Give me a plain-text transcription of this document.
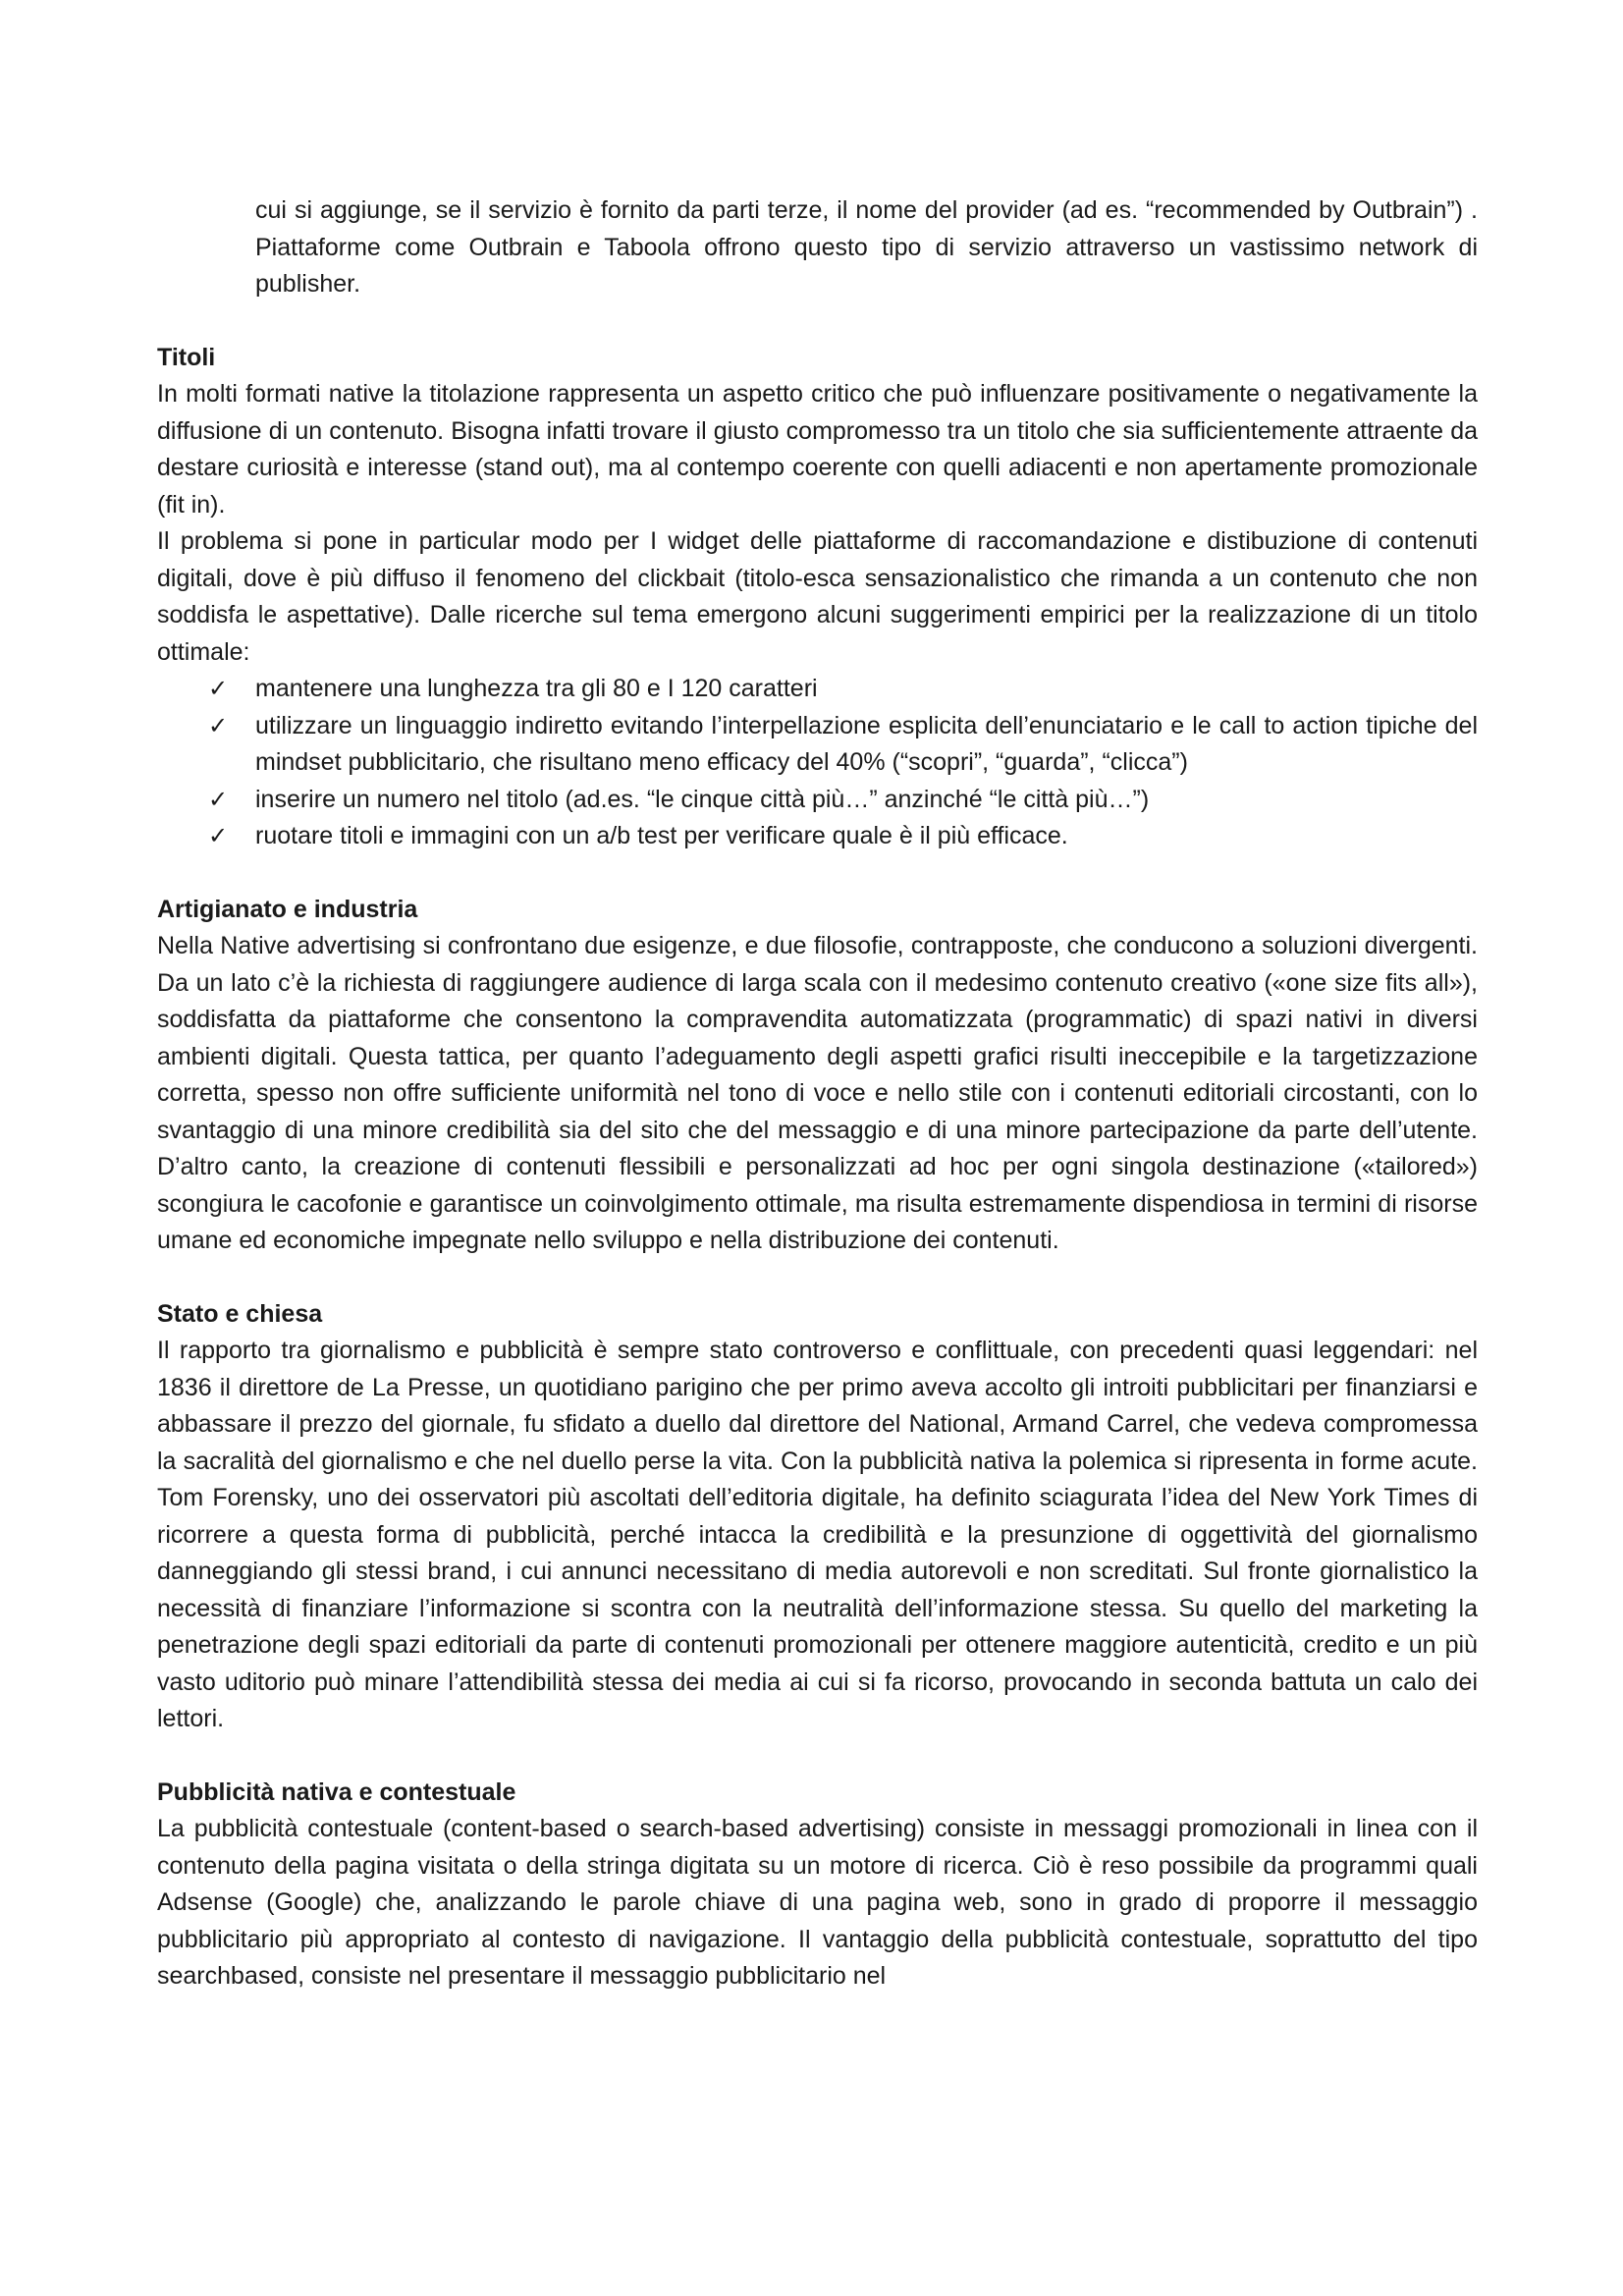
cui si aggiunge, se il servizio è fornito da parti terze, il nome del provider (ad es. “recommended by Outbrain”) . Piattaforme come Outbrain e Taboola offrono questo tipo di servizio attraverso un vastissimo network di publisher.

Titoli

In molti formati native la titolazione rappresenta un aspetto critico che può influenzare positivamente o negativamente la diffusione di un contenuto. Bisogna infatti trovare il giusto compromesso tra un titolo che sia sufficientemente attraente da destare curiosità e interesse (stand out), ma al contempo coerente con quelli adiacenti e non apertamente promozionale (fit in).

Il problema si pone in particular modo per I widget delle piattaforme di raccomandazione e distibuzione di contenuti digitali, dove è più diffuso il fenomeno del clickbait (titolo-esca sensazionalistico che rimanda a un contenuto che non soddisfa le aspettative). Dalle ricerche sul tema emergono alcuni suggerimenti empirici per la realizzazione di un titolo ottimale:

✓ mantenere una lunghezza tra gli 80 e I 120 caratteri
✓ utilizzare un linguaggio indiretto evitando l’interpellazione esplicita dell’enunciatario e le call to action tipiche del mindset pubblicitario, che risultano meno efficacy del 40% (“scopri”, “guarda”, “clicca”)
✓ inserire un numero nel titolo (ad.es. “le cinque città più…” anzinché “le città più…”)
✓ ruotare titoli e immagini con un a/b test per verificare quale è il più efficace.

Artigianato e industria

Nella Native advertising si confrontano due esigenze, e due filosofie, contrapposte, che conducono a soluzioni divergenti. Da un lato c’è la richiesta di raggiungere audience di larga scala con il medesimo contenuto creativo («one size fits all»), soddisfatta da piattaforme che consentono la compravendita automatizzata (programmatic) di spazi nativi in diversi ambienti digitali. Questa tattica, per quanto l’adeguamento degli aspetti grafici risulti ineccepibile e la targetizzazione corretta, spesso non offre sufficiente uniformità nel tono di voce e nello stile con i contenuti editoriali circostanti, con lo svantaggio di una minore credibilità sia del sito che del messaggio e di una minore partecipazione da parte dell’utente. D’altro canto, la creazione di contenuti flessibili e personalizzati ad hoc per ogni singola destinazione («tailored») scongiura le cacofonie e garantisce un coinvolgimento ottimale, ma risulta estremamente dispendiosa in termini di risorse umane ed economiche impegnate nello sviluppo e nella distribuzione dei contenuti.

Stato e chiesa

Il rapporto tra giornalismo e pubblicità è sempre stato controverso e conflittuale, con precedenti quasi leggendari: nel 1836 il direttore de La Presse, un quotidiano parigino che per primo aveva accolto gli introiti pubblicitari per finanziarsi e abbassare il prezzo del giornale, fu sfidato a duello dal direttore del National, Armand Carrel, che vedeva compromessa la sacralità del giornalismo e che nel duello perse la vita. Con la pubblicità nativa la polemica si ripresenta in forme acute. Tom Forensky, uno dei osservatori più ascoltati dell’editoria digitale, ha definito sciagurata l’idea del New York Times di ricorrere a questa forma di pubblicità, perché intacca la credibilità e la presunzione di oggettività del giornalismo danneggiando gli stessi brand, i cui annunci necessitano di media autorevoli e non screditati. Sul fronte giornalistico la necessità di finanziare l’informazione si scontra con la neutralità dell’informazione stessa. Su quello del marketing la penetrazione degli spazi editoriali da parte di contenuti promozionali per ottenere maggiore autenticità, credito e un più vasto uditorio può minare l’attendibilità stessa dei media ai cui si fa ricorso, provocando in seconda battuta un calo dei lettori.

Pubblicità nativa e contestuale

La pubblicità contestuale (content-based o search-based advertising) consiste in messaggi promozionali in linea con il contenuto della pagina visitata o della stringa digitata su un motore di ricerca. Ciò è reso possibile da programmi quali Adsense (Google) che, analizzando le parole chiave di una pagina web, sono in grado di proporre il messaggio pubblicitario più appropriato al contesto di navigazione. Il vantaggio della pubblicità contestuale, soprattutto del tipo searchbased, consiste nel presentare il messaggio pubblicitario nel
